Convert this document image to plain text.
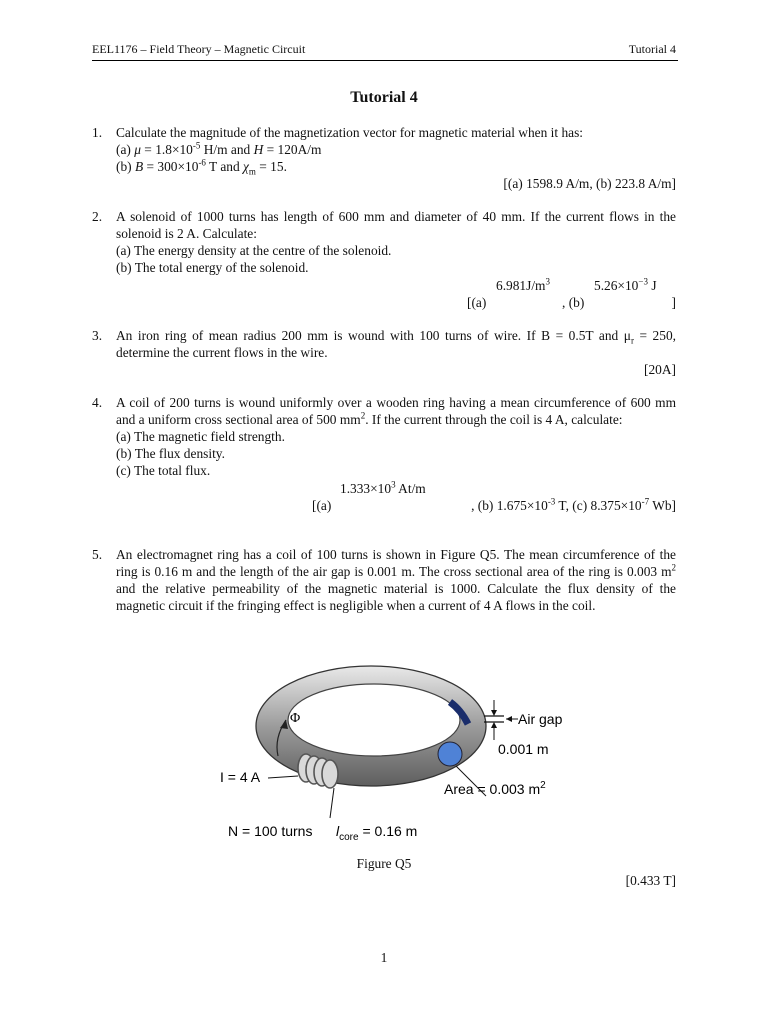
EEL1176 – Field Theory – Magnetic Circuit	Tutorial 4
Tutorial 4
1. Calculate the magnitude of the magnetization vector for magnetic material when it has:
(a) $\mu = 1.8\times 10^{-5}$ H/m and H = 120A/m
(b) $B = 300\times 10^{-6}$ T and $\chi_m = 15$.
[(a) 1598.9 A/m, (b) 223.8 A/m]
2. A solenoid of 1000 turns has length of 600 mm and diameter of 40 mm. If the current flows in the solenoid is 2 A. Calculate:
(a) The energy density at the centre of the solenoid.
(b) The total energy of the solenoid.
$6.981J/m^3$	$5.26\times 10^{-3}$ J
[(a)	, (b)	]
3. An iron ring of mean radius 200 mm is wound with 100 turns of wire. If B = 0.5T and $\mu_r = 250$, determine the current flows in the wire.
[20A]
4. A coil of 200 turns is wound uniformly over a wooden ring having a mean circumference of 600 mm and a uniform cross sectional area of 500 $mm^2$. If the current through the coil is 4 A, calculate:
(a) The magnetic field strength.
(b) The flux density.
(c) The total flux.
$1.333\times 10^3$ At/m
[(a)	, (b) $1.675\times 10^{-3}$ T, (c) $8.375\times 10^{-7}$ Wb]
5. An electromagnet ring has a coil of 100 turns is shown in Figure Q5. The mean circumference of the ring is 0.16 m and the length of the air gap is 0.001 m. The cross sectional area of the ring is 0.003 $m^2$ and the relative permeability of the magnetic material is 1000. Calculate the flux density of the magnetic circuit if the fringing effect is negligible when a current of 4 A flows in the coil.
Φ	Air gap
0.001 m
Area = 0.003 $m^2$
I = 4 A
N = 100 turns $l_{core} = 0.16$ m
Figure Q5
[0.433 T]
1
